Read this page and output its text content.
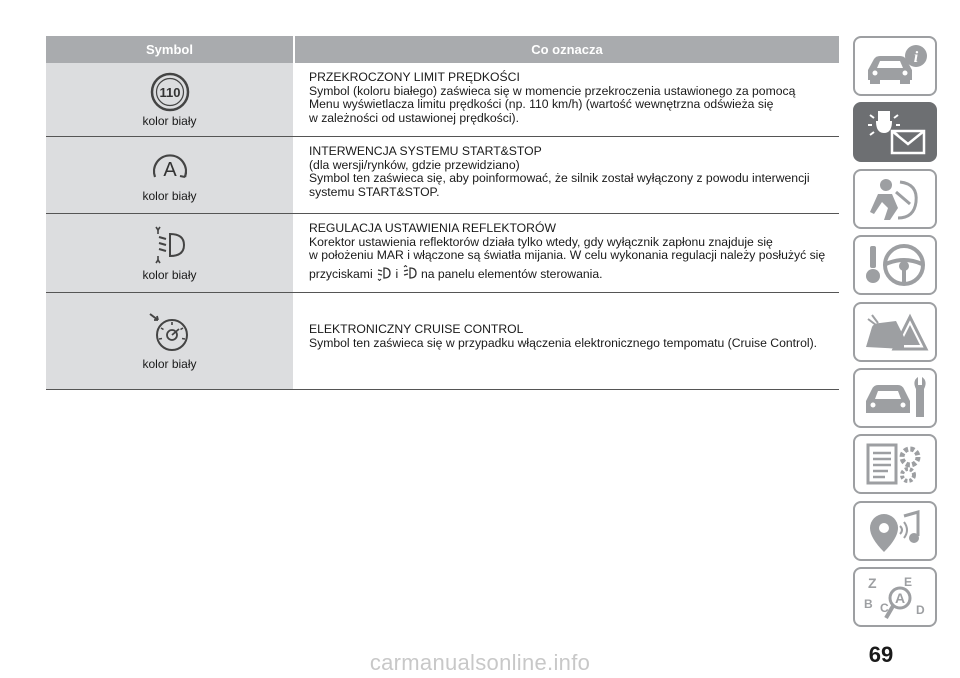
Symbol	Co oznacza
110
kolor biały

PRZEKROCZONY LIMIT PRĘDKOŚCI

Symbol (koloru białego) zaświeca się w momencie przekroczenia ustawionego za pomocą

Menu wyświetlacza limitu prędkości (np. 110 km/h) (wartość wewnętrzna odświeża się

w zależności od ustawionej prędkości).

A
kolor biały

INTERWENCJA SYSTEMU START&STOP

(dla wersji/rynków, gdzie przewidziano)

Symbol ten zaświeca się, aby poinformować, że silnik został wyłączony z powodu interwencji

systemu START&STOP.

kolor biały

REGULACJA USTAWIENIA REFLEKTORÓW

Korektor ustawienia reflektorów działa tylko wtedy, gdy wyłącznik zapłonu znajduje się

w położeniu MAR i włączone są światła mijania. W celu wykonania regulacji należy posłużyć się

przyciskami i na panelu elementów sterowania.

kolor biały

ELEKTRONICZNY CRUISE CONTROL

Symbol ten zaświeca się w przypadku włączenia elektronicznego tempomatu (Cruise Control).

i
Z E
B C D
A
69
carmanualsonline.info
